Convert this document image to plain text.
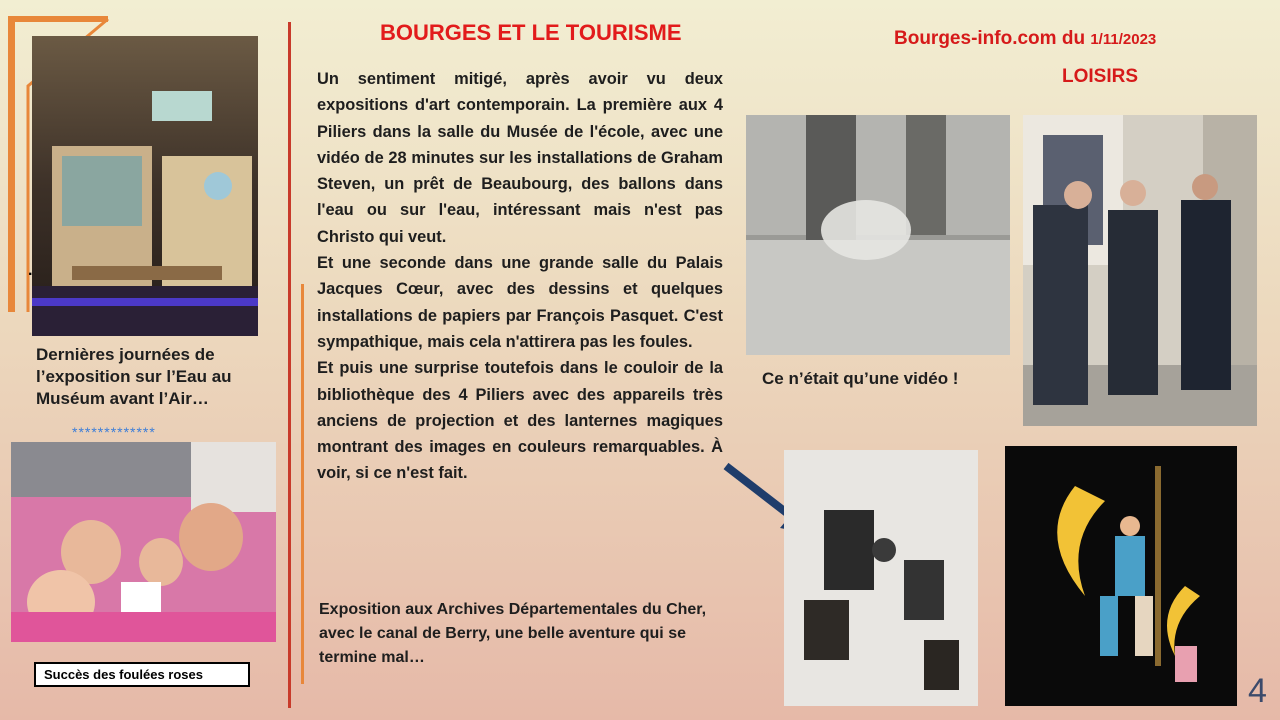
BOURGES ET LE TOURISME	Bourges-info.com du 1/11/2023
LOISIRS
.
Dernières journées de l’exposition sur l’Eau au Muséum avant l’Air…
*************
Succès des foulées roses

Un sentiment mitigé, après avoir vu deux expositions d'art contemporain. La première aux 4 Piliers dans la salle du Musée de l'école, avec une vidéo de 28 minutes sur les installations de Graham Steven, un prêt de Beaubourg, des ballons dans l'eau ou sur l'eau, intéressant mais n'est pas Christo qui veut.

Et une seconde dans une grande salle du Palais Jacques Cœur, avec des dessins et quelques installations de papiers par François Pasquet. C'est sympathique, mais cela n'attirera pas les foules.

Et puis une surprise toutefois dans le couloir de la bibliothèque des 4 Piliers avec des appareils très anciens de projection et des lanternes magiques montrant des images en couleurs remarquables. À voir, si ce n'est fait.

Exposition aux Archives Départementales du Cher, avec le canal de Berry, une belle aventure qui se termine mal…
Ce n’était qu’une vidéo !
4
